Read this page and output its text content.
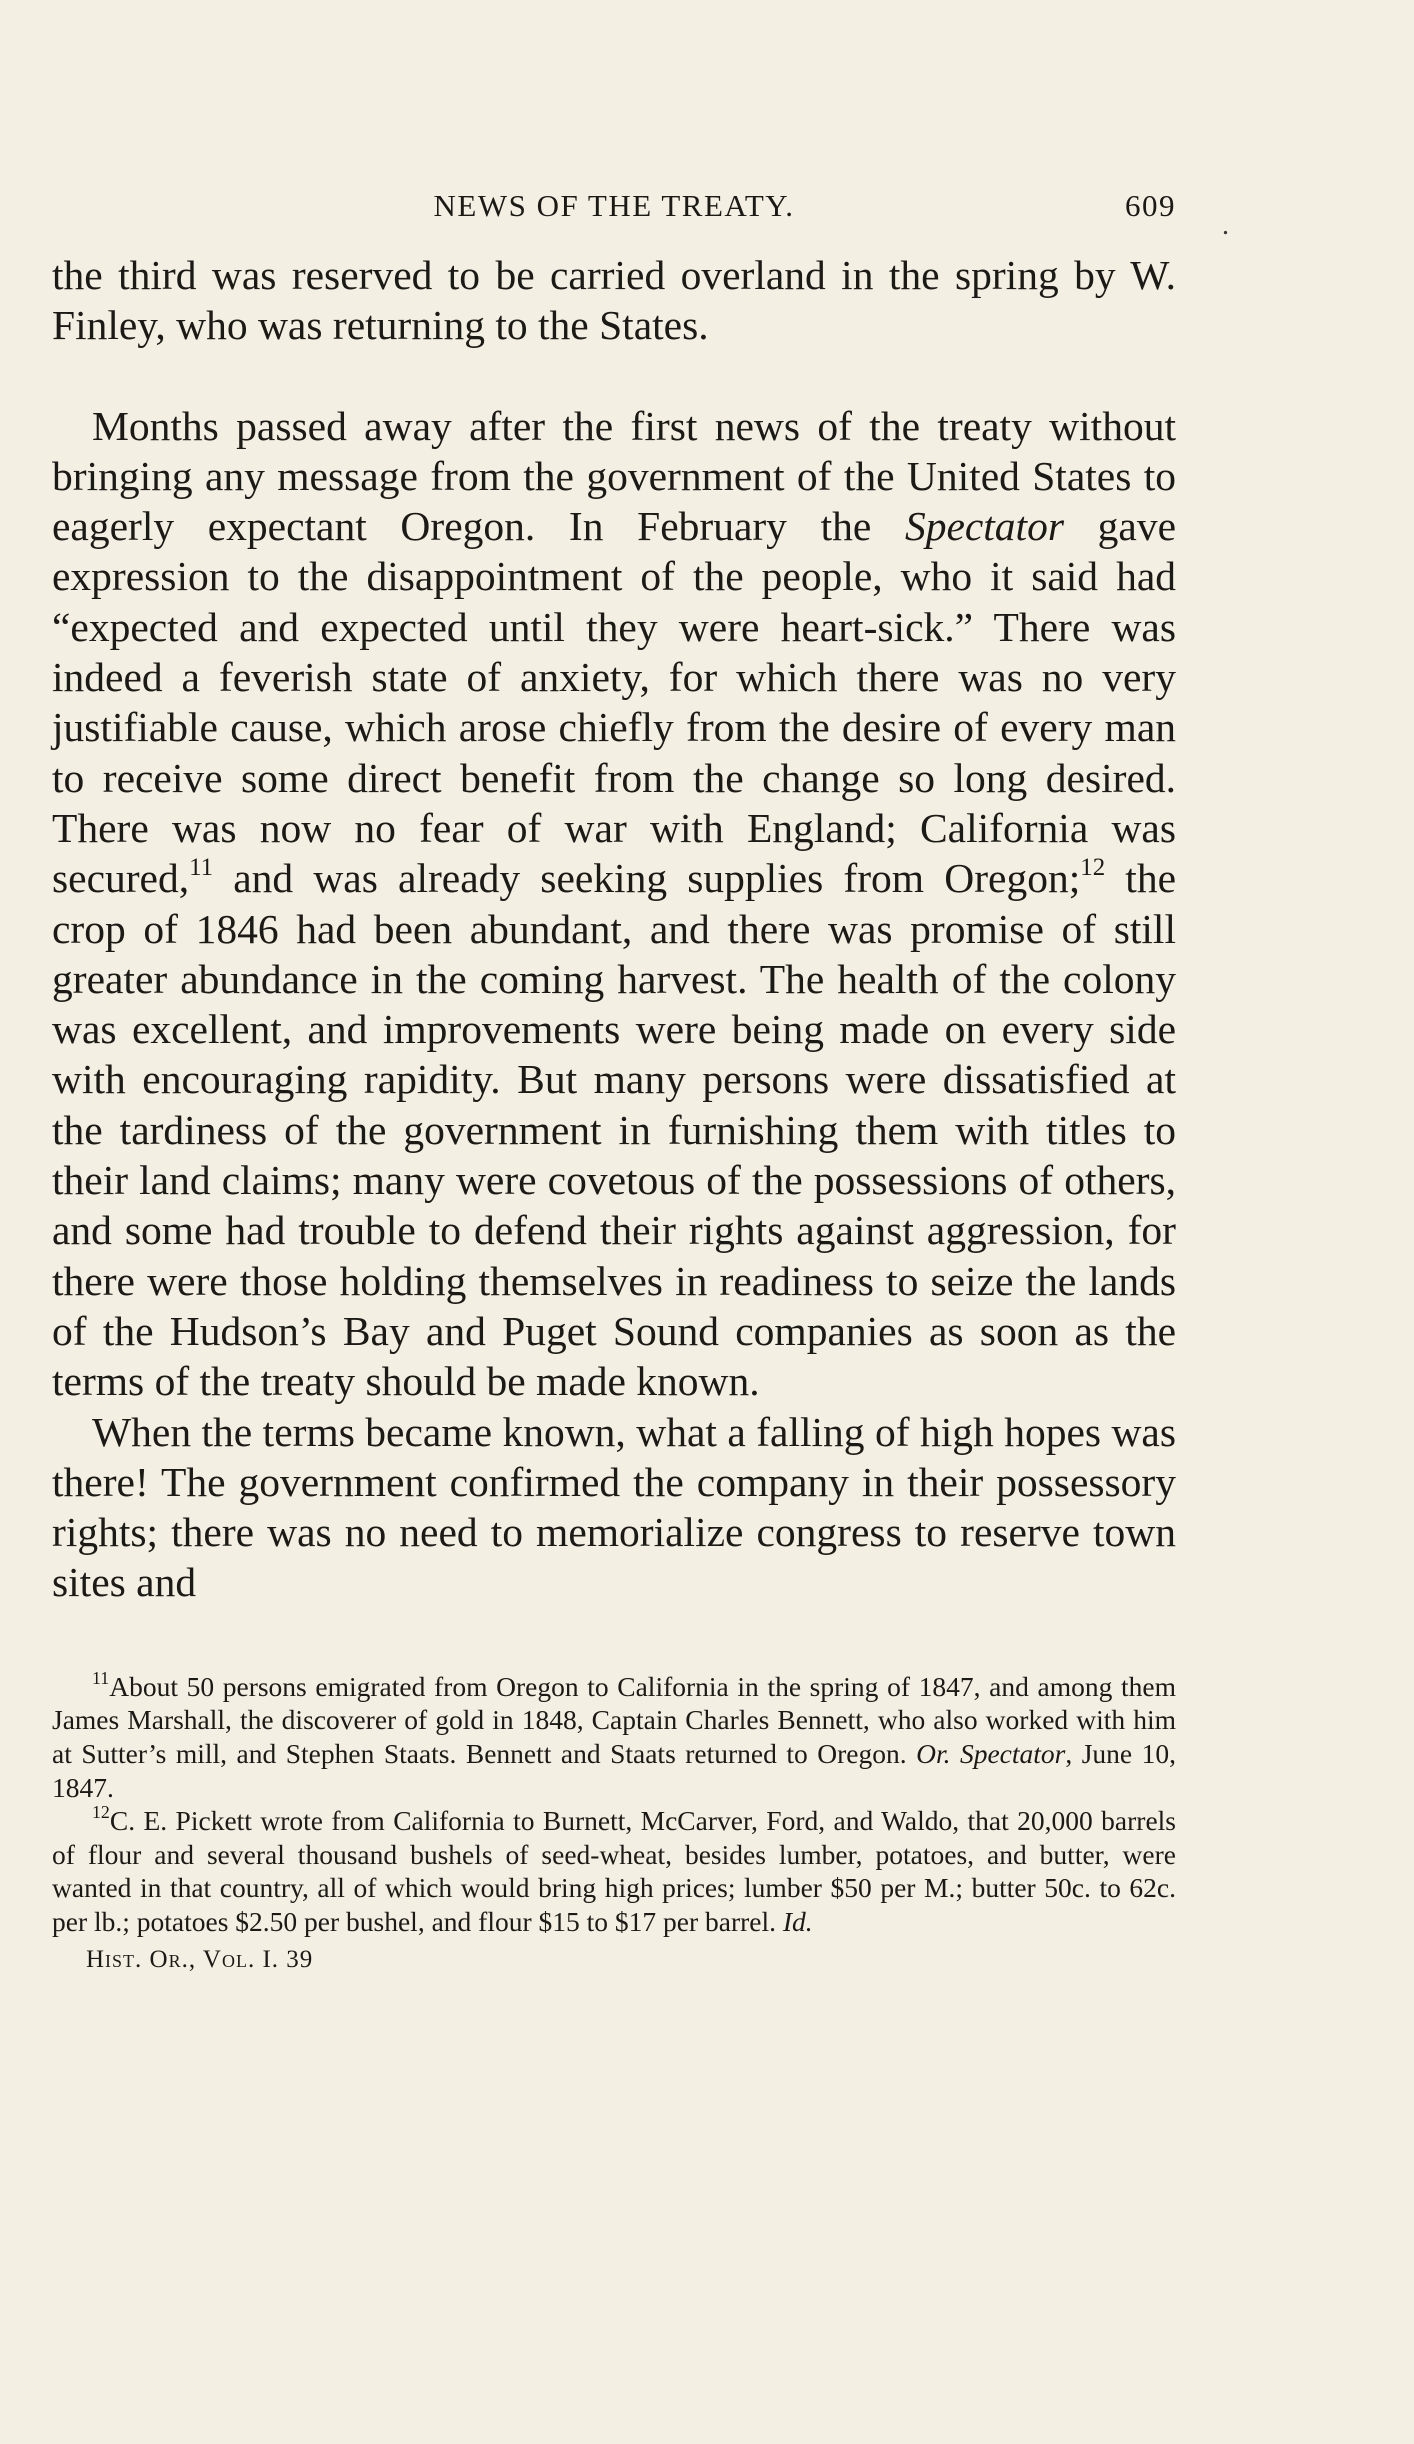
.
NEWS OF THE TREATY.	609

the third was reserved to be carried overland in the spring by W. Finley, who was returning to the States.

Months passed away after the first news of the treaty without bringing any message from the government of the United States to eagerly expectant Oregon. In February the Spectator gave expression to the disappointment of the people, who it said had “expected and expected until they were heart-sick.” There was indeed a feverish state of anxiety, for which there was no very justifiable cause, which arose chiefly from the desire of every man to receive some direct benefit from the change so long desired. There was now no fear of war with England; California was secured,$^{11}$ and was already seeking supplies from Oregon;$^{12}$ the crop of 1846 had been abundant, and there was promise of still greater abundance in the coming harvest. The health of the colony was excellent, and improvements were being made on every side with encouraging rapidity. But many persons were dissatisfied at the tardiness of the government in furnishing them with titles to their land claims; many were covetous of the possessions of others, and some had trouble to defend their rights against aggression, for there were those holding themselves in readiness to seize the lands of the Hudson’s Bay and Puget Sound companies as soon as the terms of the treaty should be made known.

When the terms became known, what a falling of high hopes was there! The government confirmed the company in their possessory rights; there was no need to memorialize congress to reserve town sites and

$^{11}$About 50 persons emigrated from Oregon to California in the spring of 1847, and among them James Marshall, the discoverer of gold in 1848, Captain Charles Bennett, who also worked with him at Sutter’s mill, and Stephen Staats. Bennett and Staats returned to Oregon. Or. Spectator, June 10, 1847.

$^{12}$C. E. Pickett wrote from California to Burnett, McCarver, Ford, and Waldo, that 20,000 barrels of flour and several thousand bushels of seed-wheat, besides lumber, potatoes, and butter, were wanted in that country, all of which would bring high prices; lumber $50 per M.; butter 50c. to 62c. per lb.; potatoes $2.50 per bushel, and flour $15 to $17 per barrel. Id.

Hist. Or., Vol. I. 39
